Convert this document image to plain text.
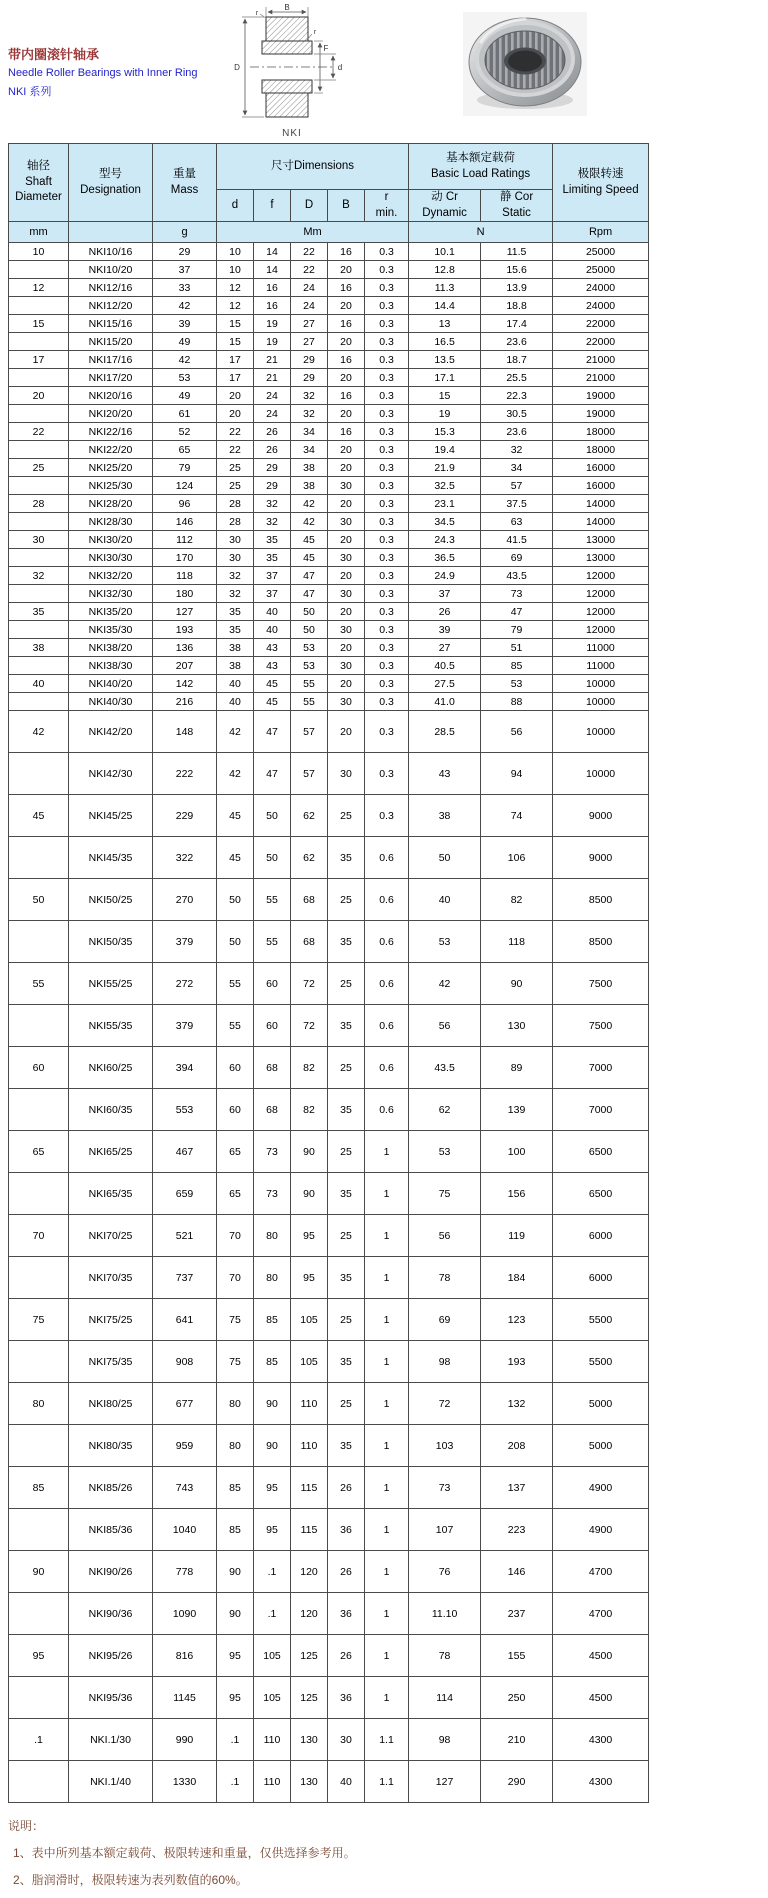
带内圈滚针轴承
Needle Roller Bearings with Inner Ring
NKI 系列
B
D
F
d
r
r
NKI
轴径
Shaft
Diameter

型号
Designation

重量
Mass
	尺寸Dimensions	
基本额定载荷
Basic Load Ratings	极限转速
Limiting Speed

d	f	D	B	
r
min.

动 Cr
Dynamic

静 Cor
Static

mm		g	Mm					N		Rpm
10	NKI10/16	29	10	14	22	16	0.3	10.1	11.5	25000
	NKI10/20	37	10	14	22	20	0.3	12.8	15.6	25000
12	NKI12/16	33	12	16	24	16	0.3	11.3	13.9	24000
	NKI12/20	42	12	16	24	20	0.3	14.4	18.8	24000
15	NKI15/16	39	15	19	27	16	0.3	13	17.4	22000
	NKI15/20	49	15	19	27	20	0.3	16.5	23.6	22000
17	NKI17/16	42	17	21	29	16	0.3	13.5	18.7	21000
	NKI17/20	53	17	21	29	20	0.3	17.1	25.5	21000
20	NKI20/16	49	20	24	32	16	0.3	15	22.3	19000
	NKI20/20	61	20	24	32	20	0.3	19	30.5	19000
22	NKI22/16	52	22	26	34	16	0.3	15.3	23.6	18000
	NKI22/20	65	22	26	34	20	0.3	19.4	32	18000
25	NKI25/20	79	25	29	38	20	0.3	21.9	34	16000
	NKI25/30	124	25	29	38	30	0.3	32.5	57	16000
28	NKI28/20	96	28	32	42	20	0.3	23.1	37.5	14000
	NKI28/30	146	28	32	42	30	0.3	34.5	63	14000
30	NKI30/20	112	30	35	45	20	0.3	24.3	41.5	13000
	NKI30/30	170	30	35	45	30	0.3	36.5	69	13000
32	NKI32/20	118	32	37	47	20	0.3	24.9	43.5	12000
	NKI32/30	180	32	37	47	30	0.3	37	73	12000
35	NKI35/20	127	35	40	50	20	0.3	26	47	12000
	NKI35/30	193	35	40	50	30	0.3	39	79	12000
38	NKI38/20	136	38	43	53	20	0.3	27	51	11000
	NKI38/30	207	38	43	53	30	0.3	40.5	85	11000
40	NKI40/20	142	40	45	55	20	0.3	27.5	53	10000
	NKI40/30	216	40	45	55	30	0.3	41.0	88	10000
42	NKI42/20	148	42	47	57	20	0.3	28.5	56	10000
	NKI42/30	222	42	47	57	30	0.3	43	94	10000
45	NKI45/25	229	45	50	62	25	0.3	38	74	9000
	NKI45/35	322	45	50	62	35	0.6	50	106	9000
50	NKI50/25	270	50	55	68	25	0.6	40	82	8500
	NKI50/35	379	50	55	68	35	0.6	53	118	8500
55	NKI55/25	272	55	60	72	25	0.6	42	90	7500
	NKI55/35	379	55	60	72	35	0.6	56	130	7500
60	NKI60/25	394	60	68	82	25	0.6	43.5	89	7000
	NKI60/35	553	60	68	82	35	0.6	62	139	7000
65	NKI65/25	467	65	73	90	25	1	53	100	6500
	NKI65/35	659	65	73	90	35	1	75	156	6500
70	NKI70/25	521	70	80	95	25	1	56	119	6000
	NKI70/35	737	70	80	95	35	1	78	184	6000
75	NKI75/25	641	75	85	105	25	1	69	123	5500
	NKI75/35	908	75	85	105	35	1	98	193	5500
80	NKI80/25	677	80	90	110	25	1	72	132	5000
	NKI80/35	959	80	90	110	35	1	103	208	5000
85	NKI85/26	743	85	95	115	26	1	73	137	4900
	NKI85/36	1040	85	95	115	36	1	107	223	4900
90	NKI90/26	778	90	.1	120	26	1	76	146	4700
	NKI90/36	1090	90	.1	120	36	1	11.10	237	4700
95	NKI95/26	816	95	105	125	26	1	78	155	4500
	NKI95/36	1145	95	105	125	36	1	114	250	4500
.1	NKI.1/30	990	.1	110	130	30	1.1	98	210	4300
	NKI.1/40	1330	.1	110	130	40	1.1	127	290	4300
说明：
1、表中所列基本额定载荷、极限转速和重量，仅供选择参考用。
2、脂润滑时，极限转速为表列数值的60%。
